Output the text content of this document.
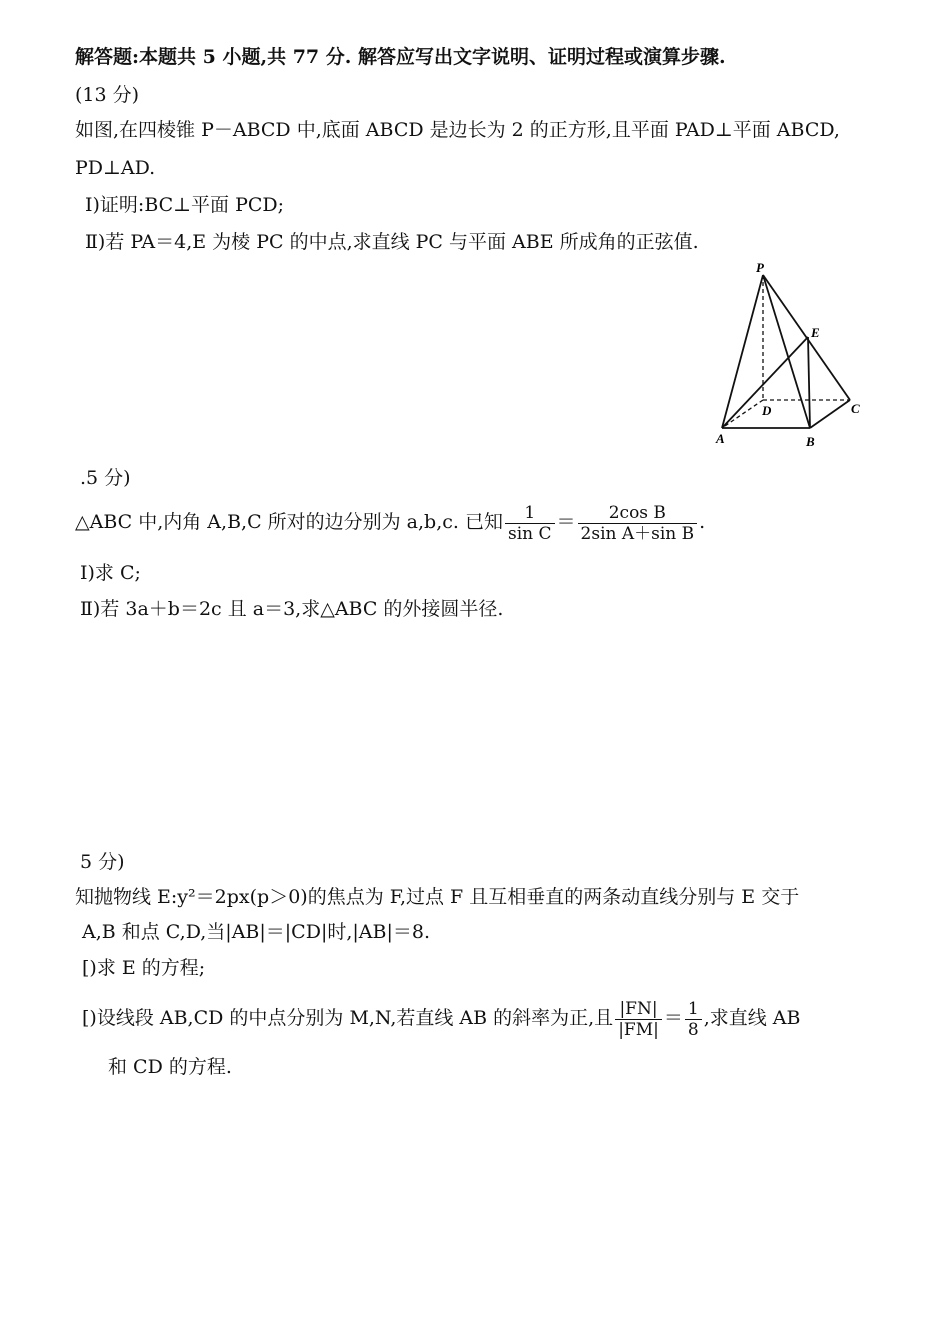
解答题:本题共 5 小题,共 77 分. 解答应写出文字说明、证明过程或演算步骤.
(13 分)
如图,在四棱锥 P－ABCD 中,底面 ABCD 是边长为 2 的正方形,且平面 PAD⊥平面 ABCD,
PD⊥AD.
Ⅰ)证明:BC⊥平面 PCD;
Ⅱ)若 PA＝4,E 为棱 PC 的中点,求直线 PC 与平面 ABE 所成角的正弦值.
P
E
D	C
A	B
.5 分)
△ABC 中,内角 A,B,C 所对的边分别为 a,b,c. 已知 $\frac{1}{\text{sin C}} = \frac{\text{2cos B}}{\text{2sin A＋sin B}}$ .
Ⅰ)求 C;
Ⅱ)若 3a＋b＝2c 且 a＝3,求△ABC 的外接圆半径.
5 分)
知抛物线 E:y²＝2px(p＞0)的焦点为 F,过点 F 且互相垂直的两条动直线分别与 E 交于
A,B 和点 C,D,当|AB|＝|CD|时,|AB|＝8.
[)求 E 的方程;
[)设线段 AB,CD 的中点分别为 M,N,若直线 AB 的斜率为正,且 $\frac{|FN|}{|FM|} = \frac{1}{8}$ ,求直线 AB
和 CD 的方程.
